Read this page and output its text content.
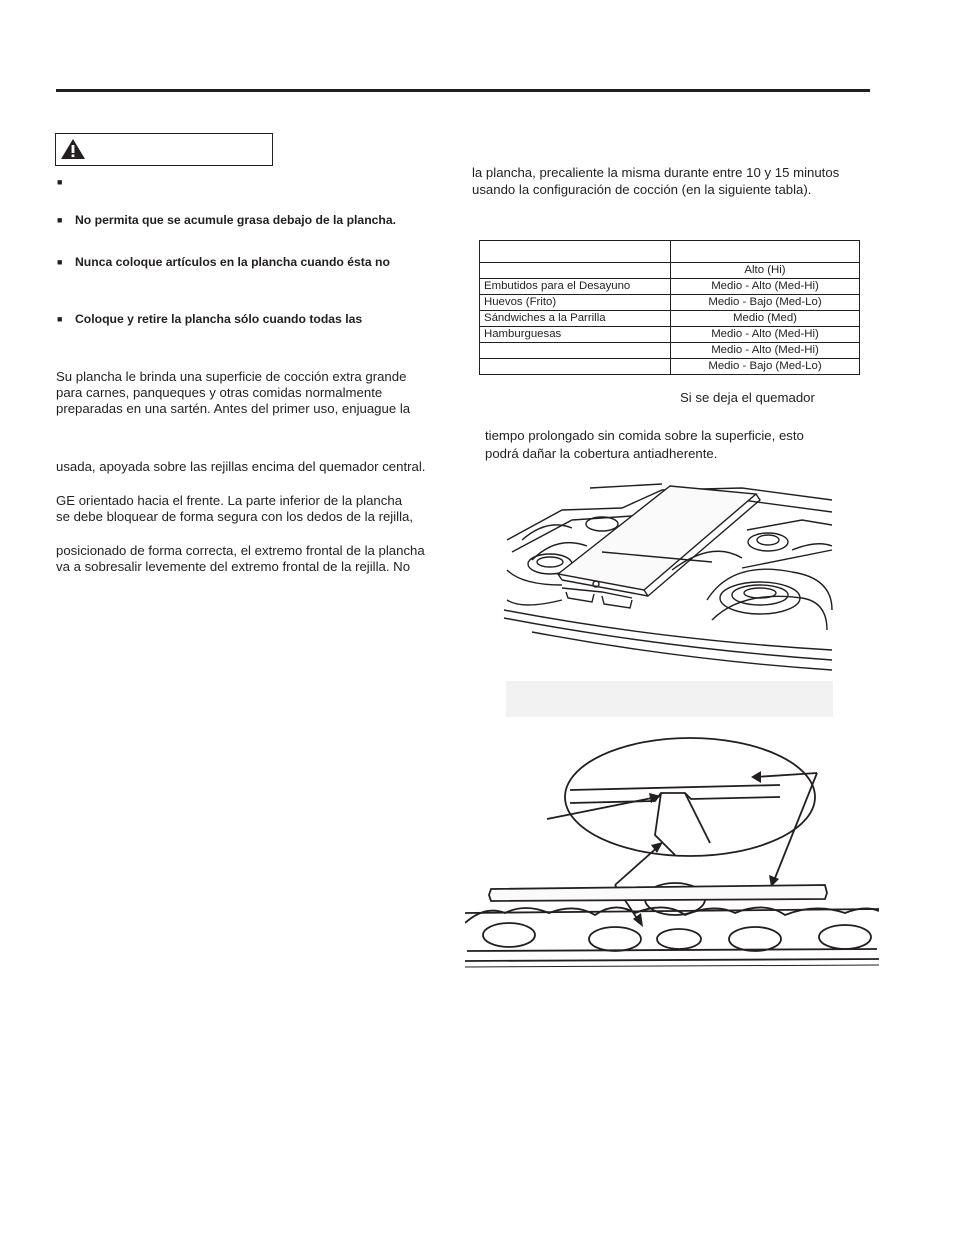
■
■ No permita que se acumule grasa debajo de la plancha.
■ Nunca coloque artículos en la plancha cuando ésta no
■ Coloque y retire la plancha sólo cuando todas las
Su plancha le brinda una superficie de cocción extra grande
para carnes, panqueques y otras comidas normalmente
preparadas en una sartén. Antes del primer uso, enjuague la
usada, apoyada sobre las rejillas encima del quemador central.
GE orientado hacia el frente. La parte inferior de la plancha
se debe bloquear de forma segura con los dedos de la rejilla,
posicionado de forma correcta, el extremo frontal de la plancha
va a sobresalir levemente del extremo frontal de la rejilla. No
la plancha, precaliente la misma durante entre 10 y 15 minutos
usando la configuración de cocción (en la siguiente tabla).

	Alto (Hi)
Embutidos para el Desayuno	Medio - Alto (Med-Hi)
Huevos (Frito)	Medio - Bajo (Med-Lo)
Sándwiches a la Parrilla	Medio (Med)
Hamburguesas	Medio - Alto (Med-Hi)
	Medio - Alto (Med-Hi)
	Medio - Bajo (Med-Lo)
Si se deja el quemador
tiempo prolongado sin comida sobre la superficie, esto
podrá dañar la cobertura antiadherente.
